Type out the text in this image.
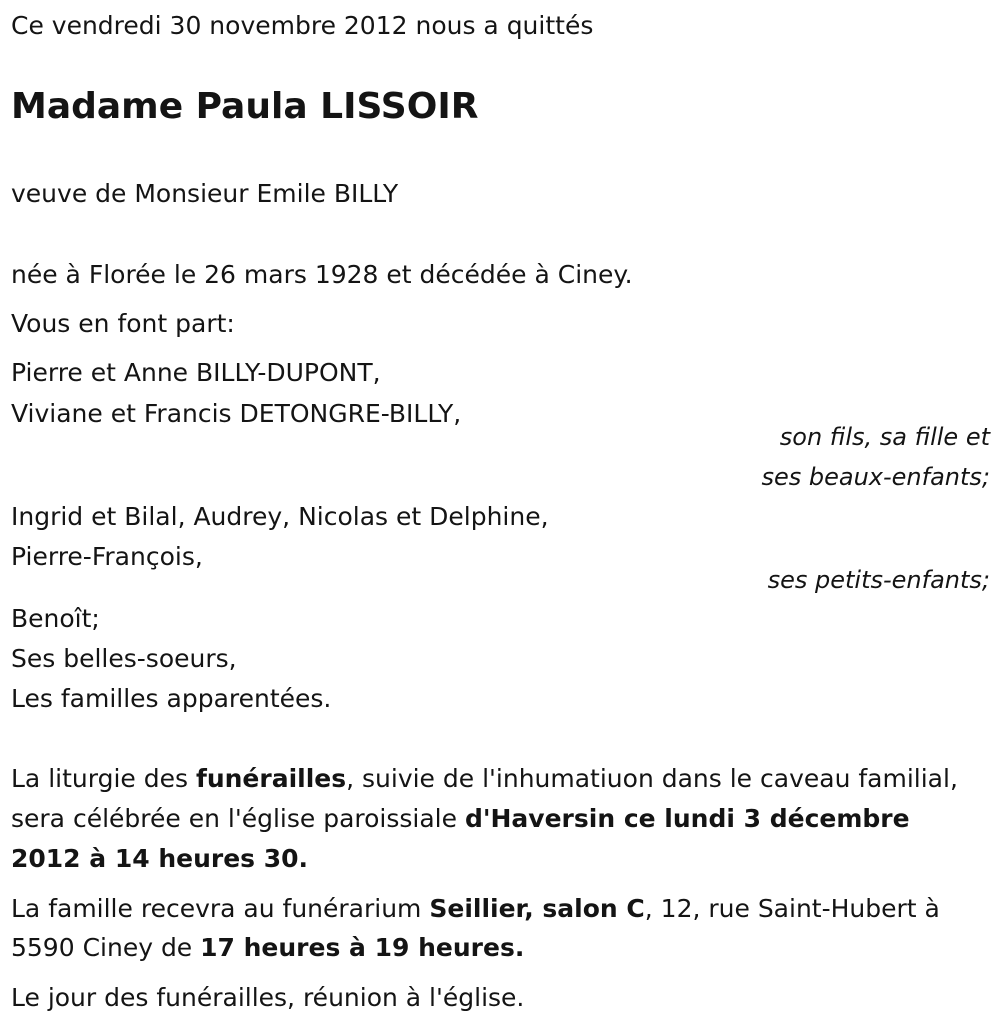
Ce vendredi 30 novembre 2012 nous a quittés
Madame Paula LISSOIR
veuve de Monsieur Emile BILLY
née à Florée le 26 mars 1928 et décédée à Ciney.
Vous en font part:
Pierre et Anne BILLY-DUPONT,
Viviane et Francis DETONGRE-BILLY,
son fils, sa fille et
ses beaux-enfants;
Ingrid et Bilal, Audrey, Nicolas et Delphine,
Pierre-François,
ses petits-enfants;
Benoît;
Ses belles-soeurs,
Les familles apparentées.
La liturgie des funérailles, suivie de l'inhumatiuon dans le caveau familial,
sera célébrée en l'église paroissiale d'Haversin ce lundi 3 décembre
2012 à 14 heures 30.
La famille recevra au funérarium Seillier, salon C, 12, rue Saint-Hubert à
5590 Ciney de 17 heures à 19 heures.
Le jour des funérailles, réunion à l'église.
